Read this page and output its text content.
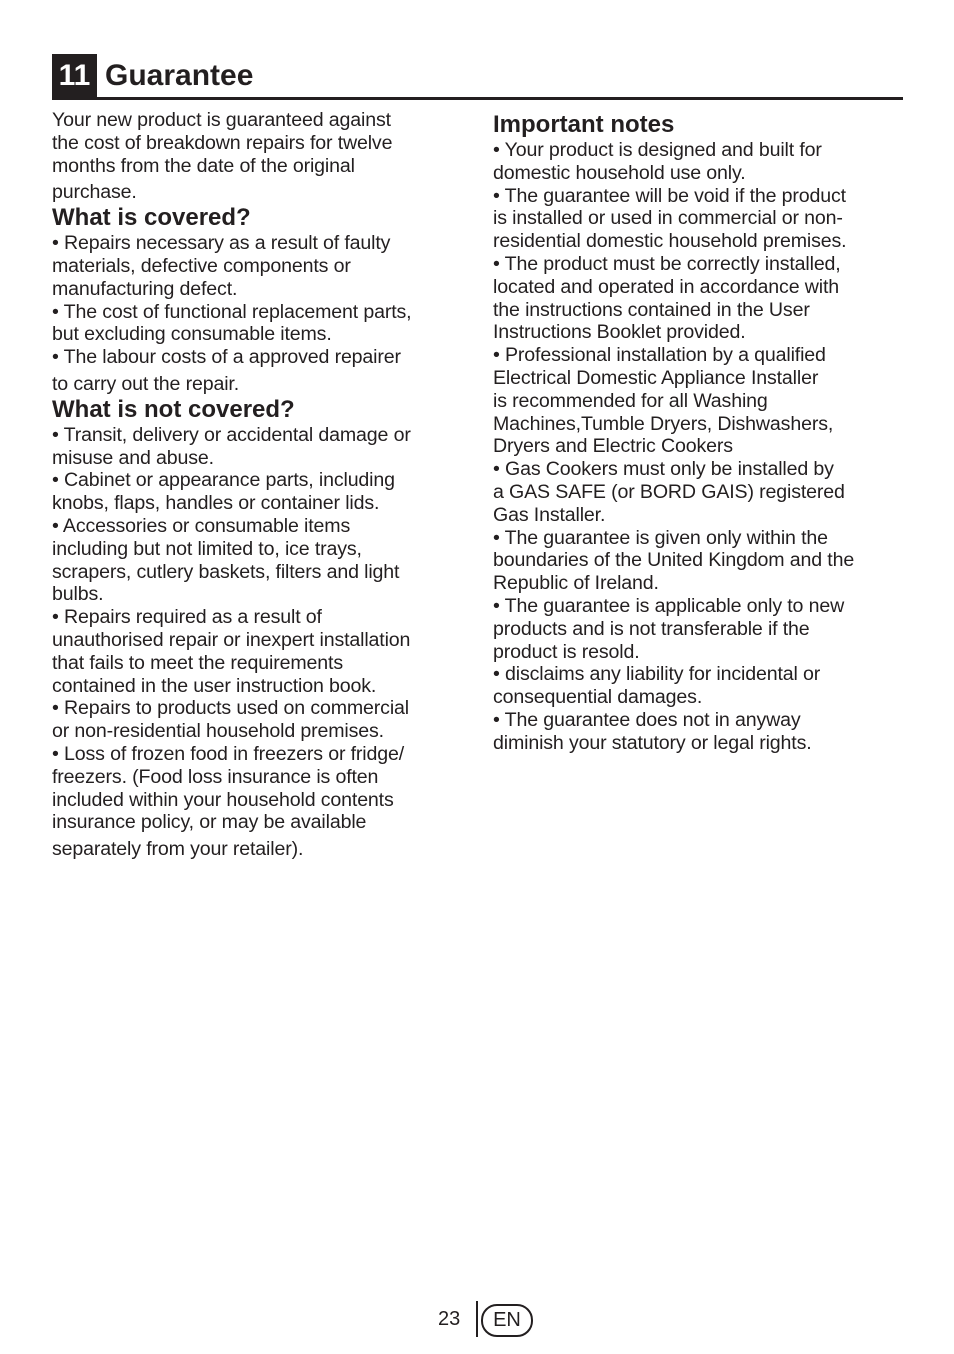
11 Guarantee

Your new product is guaranteed against
the cost of breakdown repairs for twelve
months from the date of the original
purchase.

What is covered?

• Repairs necessary as a result of faulty
materials, defective components or
manufacturing defect.

• The cost of functional replacement parts,
but excluding consumable items.

• The labour costs of a approved repairer
to carry out the repair.

What is not covered?

• Transit, delivery or accidental damage or
misuse and abuse.

• Cabinet or appearance parts, including
knobs, flaps, handles or container lids.

• Accessories or consumable items
including but not limited to, ice trays,
scrapers, cutlery baskets, filters and light
bulbs.

• Repairs required as a result of
unauthorised repair or inexpert installation
that fails to meet the requirements
contained in the user instruction book.

• Repairs to products used on commercial
or non-residential household premises.

• Loss of frozen food in freezers or fridge/
freezers. (Food loss insurance is often
included within your household contents
insurance policy, or may be available
separately from your retailer).

Important notes

• Your product is designed and built for
domestic household use only.

• The guarantee will be void if the product
is installed or used in commercial or non-
residential domestic household premises.

• The product must be correctly installed,
located and operated in accordance with
the instructions contained in the User
Instructions Booklet provided.

• Professional installation by a qualified
Electrical Domestic Appliance Installer
is recommended for all Washing
Machines,Tumble Dryers, Dishwashers,
Dryers and Electric Cookers

• Gas Cookers must only be installed by
a GAS SAFE (or BORD GAIS) registered
Gas Installer.

• The guarantee is given only within the
boundaries of the United Kingdom and the
Republic of Ireland.

• The guarantee is applicable only to new
products and is not transferable if the
product is resold.

• disclaims any liability for incidental or
consequential damages.

• The guarantee does not in anyway
diminish your statutory or legal rights.

23	EN
